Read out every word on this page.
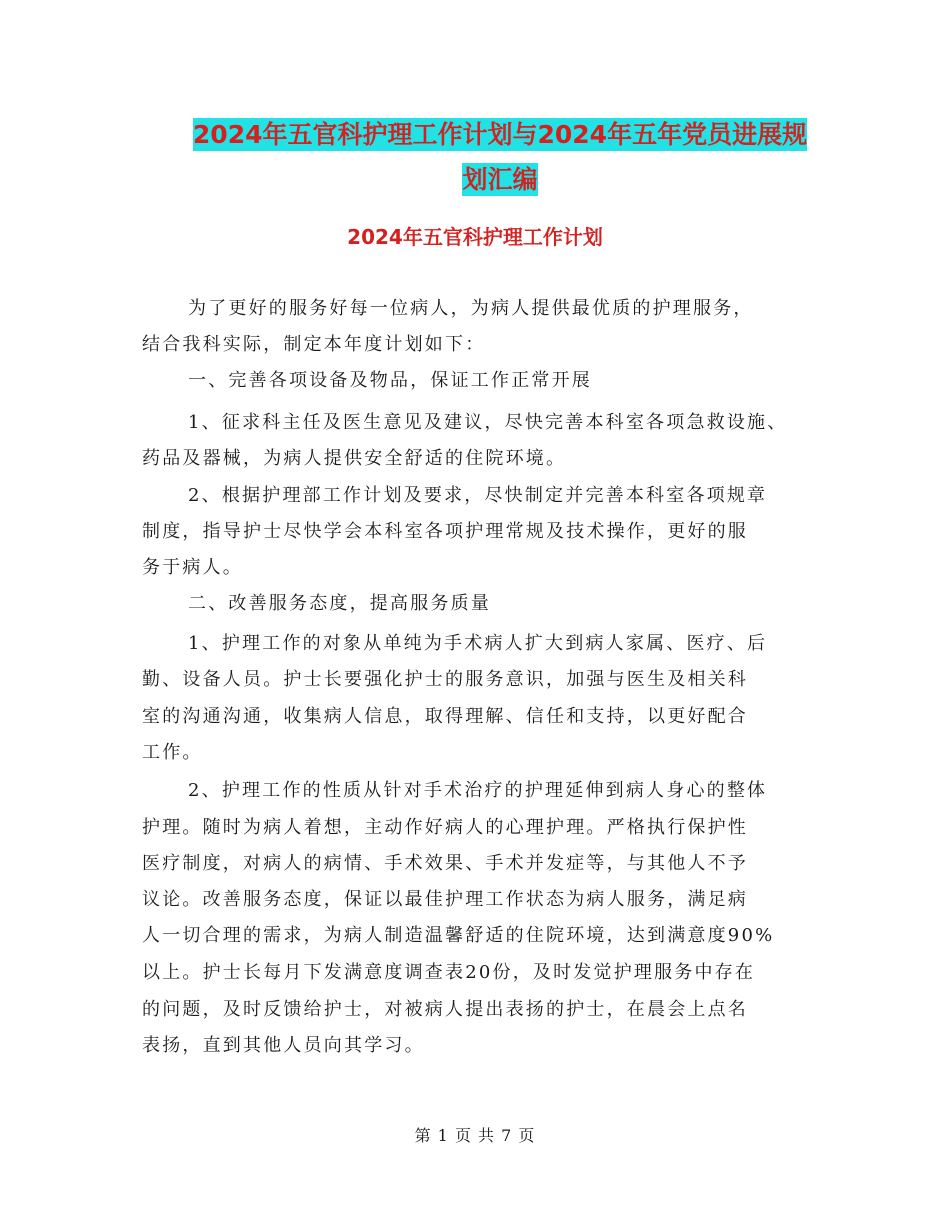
2024年五官科护理工作计划与2024年五年党员进展规
划汇编
2024年五官科护理工作计划
为了更好的服务好每一位病人，为病人提供最优质的护理服务，
结合我科实际，制定本年度计划如下：
一、完善各项设备及物品，保证工作正常开展
1、征求科主任及医生意见及建议，尽快完善本科室各项急救设施、
药品及器械，为病人提供安全舒适的住院环境。
2、根据护理部工作计划及要求，尽快制定并完善本科室各项规章
制度，指导护士尽快学会本科室各项护理常规及技术操作，更好的服
务于病人。
二、改善服务态度，提高服务质量
1、护理工作的对象从单纯为手术病人扩大到病人家属、医疗、后
勤、设备人员。护士长要强化护士的服务意识，加强与医生及相关科
室的沟通沟通，收集病人信息，取得理解、信任和支持，以更好配合
工作。
2、护理工作的性质从针对手术治疗的护理延伸到病人身心的整体
护理。随时为病人着想，主动作好病人的心理护理。严格执行保护性
医疗制度，对病人的病情、手术效果、手术并发症等，与其他人不予
议论。改善服务态度，保证以最佳护理工作状态为病人服务，满足病
人一切合理的需求，为病人制造温馨舒适的住院环境，达到满意度90%
以上。护士长每月下发满意度调查表20份，及时发觉护理服务中存在
的问题，及时反馈给护士，对被病人提出表扬的护士，在晨会上点名
表扬，直到其他人员向其学习。
第 1 页 共 7 页
